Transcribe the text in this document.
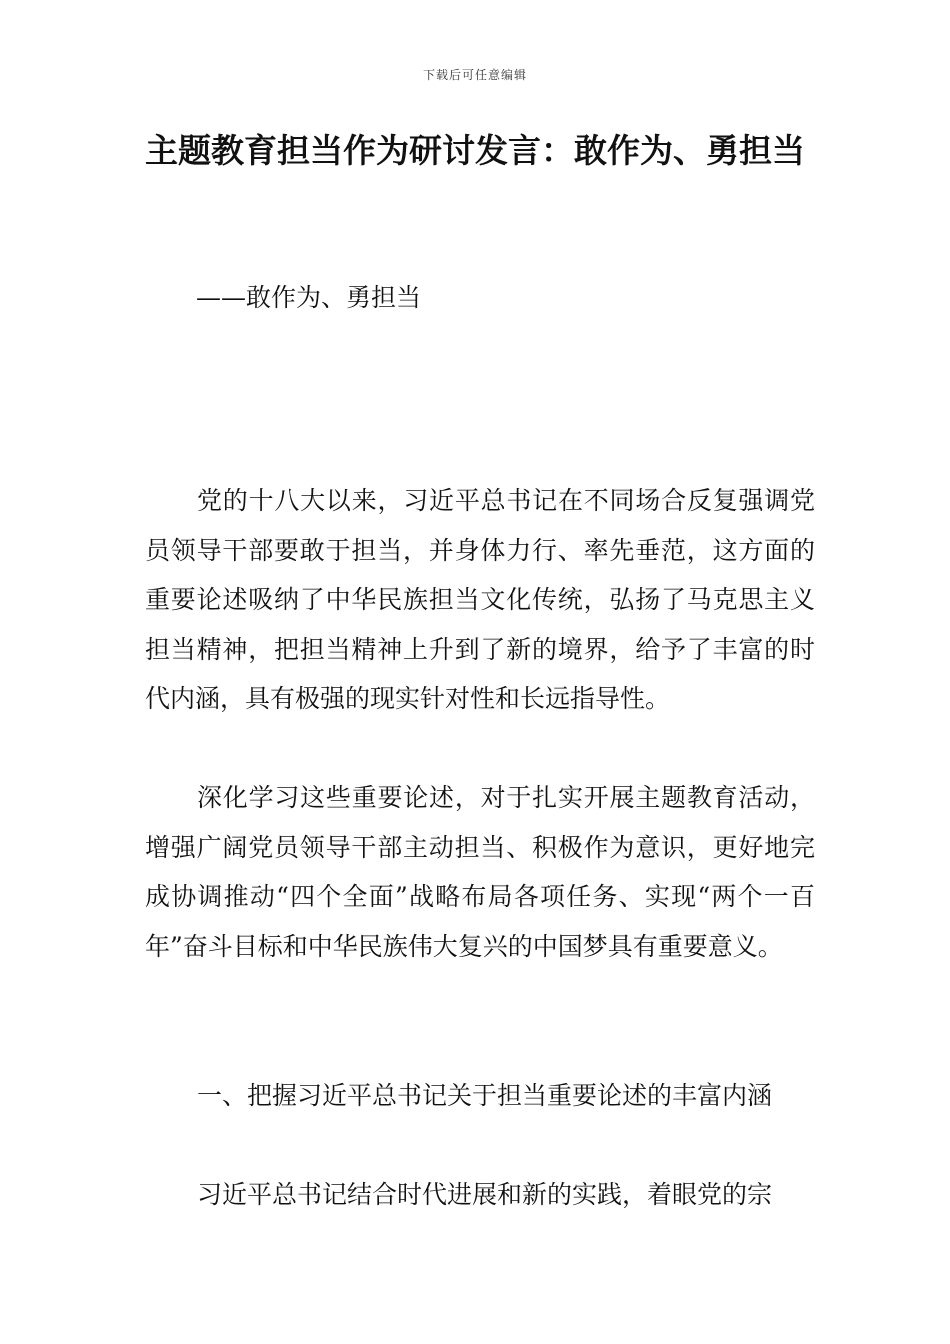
下载后可任意编辑
主题教育担当作为研讨发言：敢作为、勇担当

——敢作为、勇担当

党的十八大以来，习近平总书记在不同场合反复强调党员领导干部要敢于担当，并身体力行、率先垂范，这方面的重要论述吸纳了中华民族担当文化传统，弘扬了马克思主义担当精神，把担当精神上升到了新的境界，给予了丰富的时代内涵，具有极强的现实针对性和长远指导性。

深化学习这些重要论述，对于扎实开展主题教育活动，增强广阔党员领导干部主动担当、积极作为意识，更好地完成协调推动“四个全面”战略布局各项任务、实现“两个一百年”奋斗目标和中华民族伟大复兴的中国梦具有重要意义。

一、把握习近平总书记关于担当重要论述的丰富内涵

习近平总书记结合时代进展和新的实践，着眼党的宗
